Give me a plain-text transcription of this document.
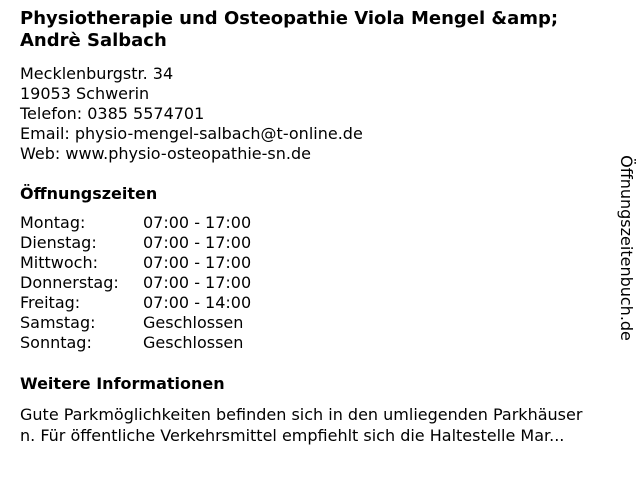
Physiotherapie und Osteopathie Viola Mengel &amp;
Andrè Salbach
Mecklenburgstr. 34
19053 Schwerin
Telefon: 0385 5574701
Email: physio-mengel-salbach@t-online.de
Web: www.physio-osteopathie-sn.de
Öffnungszeiten
Montag:	07:00 - 17:00
Dienstag:	07:00 - 17:00
Mittwoch:	07:00 - 17:00
Donnerstag:	07:00 - 17:00
Freitag:	07:00 - 14:00
Samstag:	Geschlossen
Sonntag:	Geschlossen
Weitere Informationen
Gute Parkmöglichkeiten befinden sich in den umliegenden Parkhäuser
n. Für öffentliche Verkehrsmittel empfiehlt sich die Haltestelle Mar...
Öffnungszeitenbuch.de
